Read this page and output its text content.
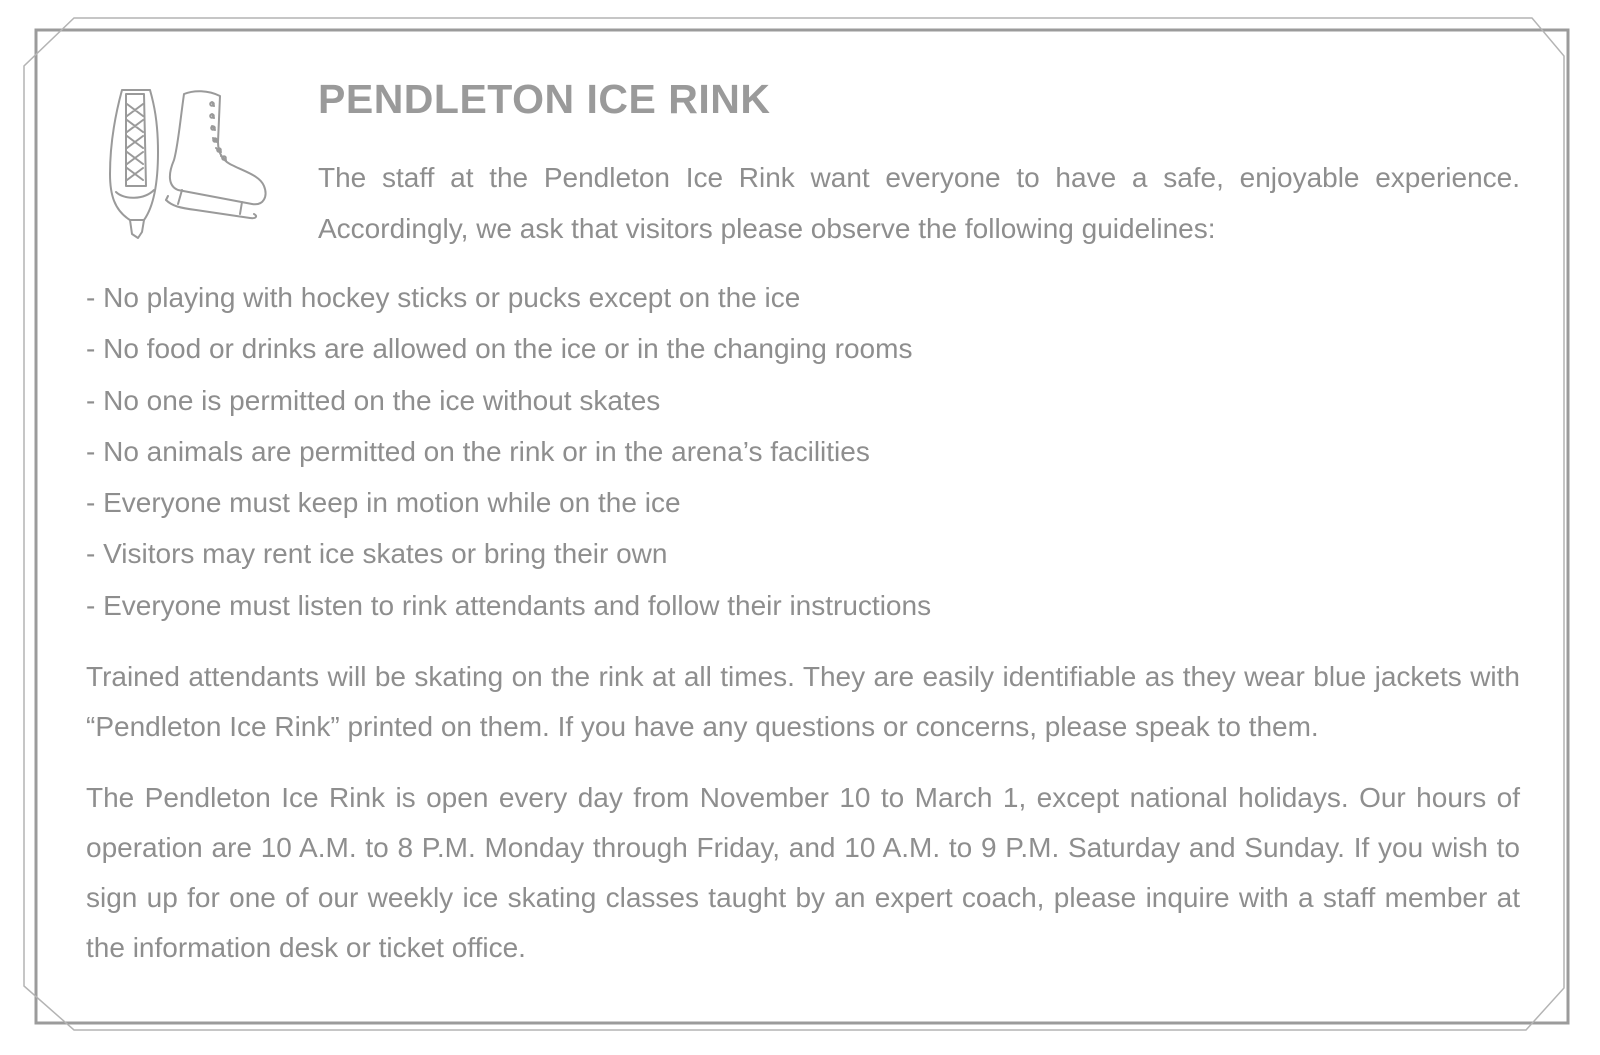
PENDLETON ICE RINK

The staff at the Pendleton Ice Rink want everyone to have a safe, enjoyable experience. Accordingly, we ask that visitors please observe the following guidelines:

- No playing with hockey sticks or pucks except on the ice
- No food or drinks are allowed on the ice or in the changing rooms
- No one is permitted on the ice without skates
- No animals are permitted on the rink or in the arena’s facilities
- Everyone must keep in motion while on the ice
- Visitors may rent ice skates or bring their own
- Everyone must listen to rink attendants and follow their instructions

Trained attendants will be skating on the rink at all times. They are easily identifiable as they wear blue jackets with “Pendleton Ice Rink” printed on them. If you have any questions or concerns, please speak to them.

The Pendleton Ice Rink is open every day from November 10 to March 1, except national holidays. Our hours of operation are 10 A.M. to 8 P.M. Monday through Friday, and 10 A.M. to 9 P.M. Saturday and Sunday. If you wish to sign up for one of our weekly ice skating classes taught by an expert coach, please inquire with a staff member at the information desk or ticket office.
